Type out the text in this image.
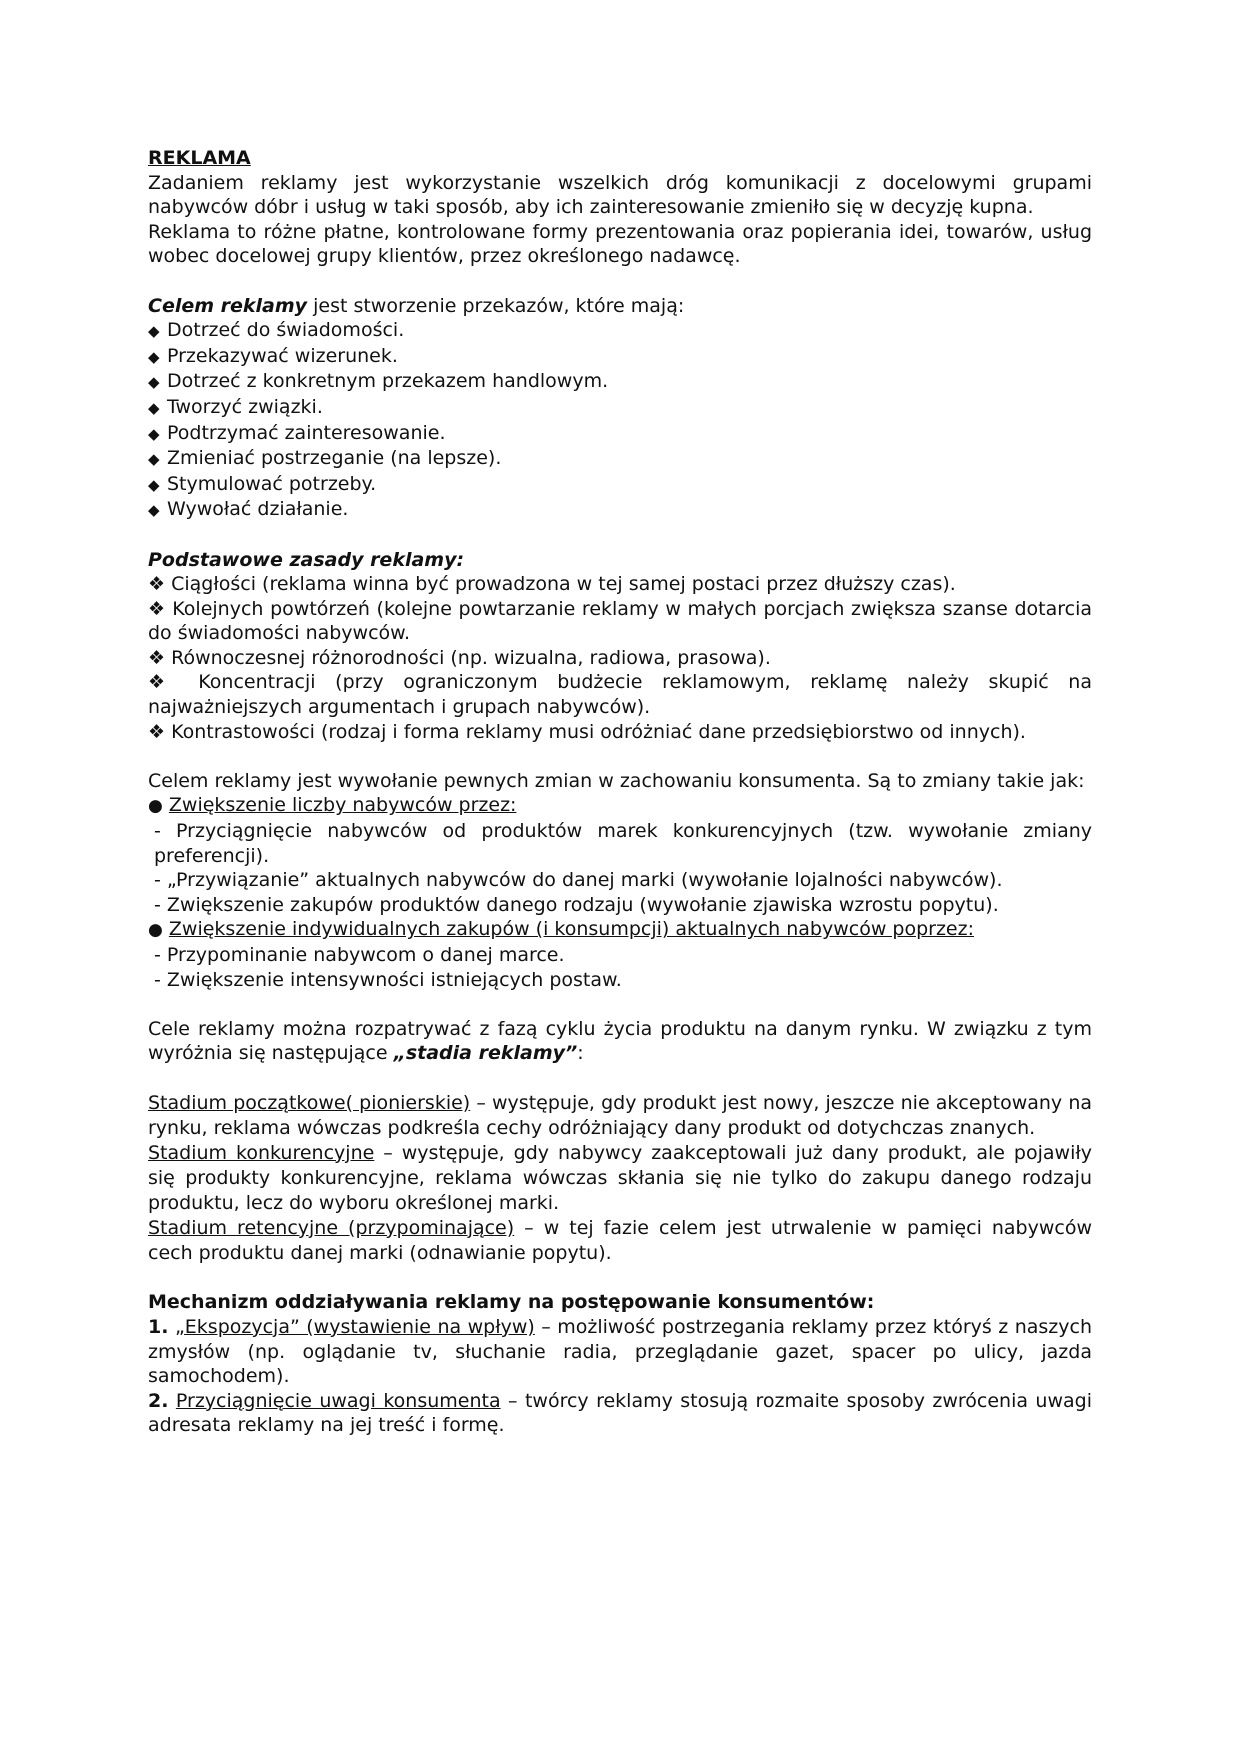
REKLAMA

Zadaniem reklamy jest wykorzystanie wszelkich dróg komunikacji z docelowymi grupami nabywców dóbr i usług w taki sposób, aby ich zainteresowanie zmieniło się w decyzję kupna.

Reklama to różne płatne, kontrolowane formy prezentowania oraz popierania idei, towarów, usług wobec docelowej grupy klientów, przez określonego nadawcę.

Celem reklamy jest stworzenie przekazów, które mają:

◆ Dotrzeć do świadomości.

◆ Przekazywać wizerunek.

◆ Dotrzeć z konkretnym przekazem handlowym.

◆ Tworzyć związki.

◆ Podtrzymać zainteresowanie.

◆ Zmieniać postrzeganie (na lepsze).

◆ Stymulować potrzeby.

◆ Wywołać działanie.

Podstawowe zasady reklamy:

❖ Ciągłości (reklama winna być prowadzona w tej samej postaci przez dłuższy czas).

❖ Kolejnych powtórzeń (kolejne powtarzanie reklamy w małych porcjach zwiększa szanse dotarcia do świadomości nabywców.

❖ Równoczesnej różnorodności (np. wizualna, radiowa, prasowa).

❖ Koncentracji (przy ograniczonym budżecie reklamowym, reklamę należy skupić na najważniejszych argumentach i grupach nabywców).

❖ Kontrastowości (rodzaj i forma reklamy musi odróżniać dane przedsiębiorstwo od innych).

Celem reklamy jest wywołanie pewnych zmian w zachowaniu konsumenta. Są to zmiany takie jak:

● Zwiększenie liczby nabywców przez:

- Przyciągnięcie nabywców od produktów marek konkurencyjnych (tzw. wywołanie zmiany preferencji).

- „Przywiązanie” aktualnych nabywców do danej marki (wywołanie lojalności nabywców).

- Zwiększenie zakupów produktów danego rodzaju (wywołanie zjawiska wzrostu popytu).

● Zwiększenie indywidualnych zakupów (i konsumpcji) aktualnych nabywców poprzez:

- Przypominanie nabywcom o danej marce.

- Zwiększenie intensywności istniejących postaw.

Cele reklamy można rozpatrywać z fazą cyklu życia produktu na danym rynku. W związku z tym wyróżnia się następujące „stadia reklamy”:

Stadium początkowe( pionierskie) – występuje, gdy produkt jest nowy, jeszcze nie akceptowany na rynku, reklama wówczas podkreśla cechy odróżniający dany produkt od dotychczas znanych.

Stadium konkurencyjne – występuje, gdy nabywcy zaakceptowali już dany produkt, ale pojawiły się produkty konkurencyjne, reklama wówczas skłania się nie tylko do zakupu danego rodzaju produktu, lecz do wyboru określonej marki.

Stadium retencyjne (przypominające) – w tej fazie celem jest utrwalenie w pamięci nabywców cech produktu danej marki (odnawianie popytu).

Mechanizm oddziaływania reklamy na postępowanie konsumentów:

1. „Ekspozycja” (wystawienie na wpływ) – możliwość postrzegania reklamy przez któryś z naszych zmysłów (np. oglądanie tv, słuchanie radia, przeglądanie gazet, spacer po ulicy, jazda samochodem).

2. Przyciągnięcie uwagi konsumenta – twórcy reklamy stosują rozmaite sposoby zwrócenia uwagi adresata reklamy na jej treść i formę.
